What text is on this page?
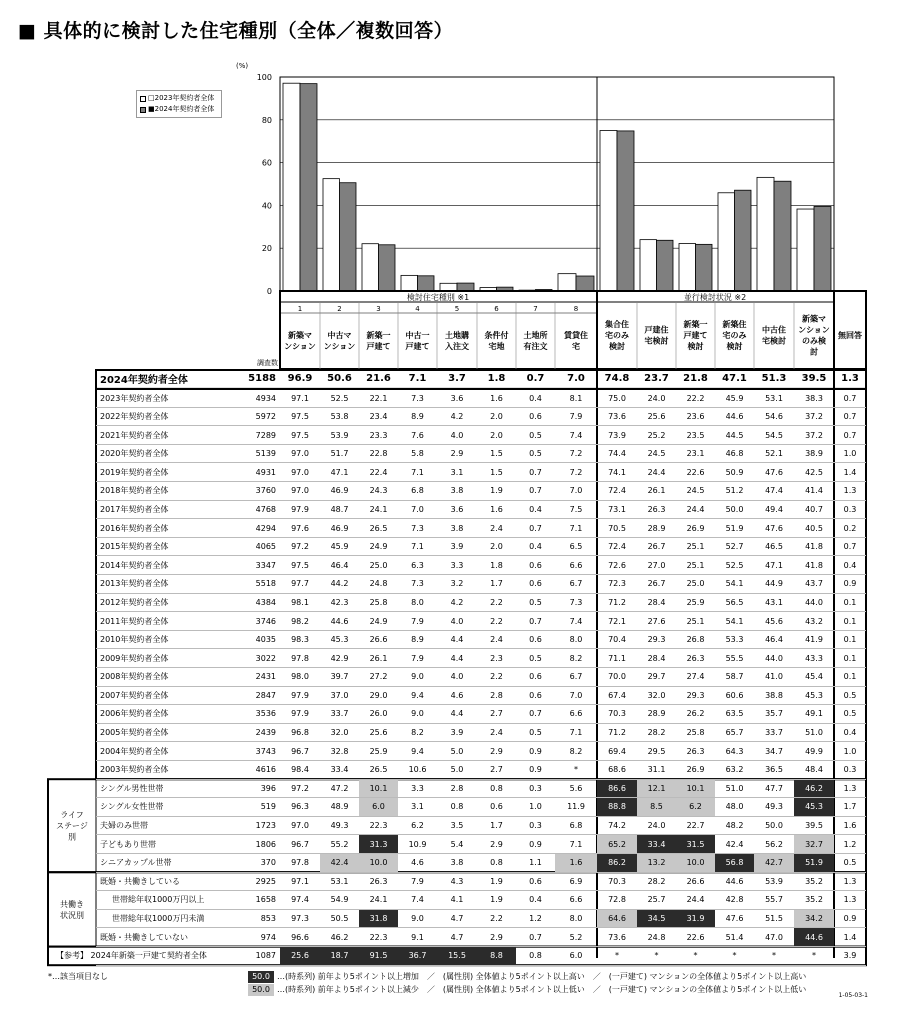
■ 具体的に検討した住宅種別（全体／複数回答）
0
20
40
60
80
100
(%)
□2023年契約者全体
■2024年契約者全体
検討住宅種別 ※1	並行検討状況 ※2
1	2	3	4	5	6	7	8
新築マンション
中古マンション
新築一戸建て
中古一戸建て
土地購入注文
条件付宅地
土地所有注文
賃貸住宅
集合住宅のみ検討
戸建住宅検討
新築一戸建て検討
新築住宅のみ検討
中古住宅検討
新築マンションのみ検討
無回答
調査数
ライフステージ別
共働き状況別
2024年契約者全体	5188	96.9	50.6	21.6	7.1	3.7	1.8	0.7	7.0	74.8	23.7	21.8	47.1	51.3	39.5	1.3
2023年契約者全体	4934	97.1	52.5	22.1	7.3	3.6	1.6	0.4	8.1	75.0	24.0	22.2	45.9	53.1	38.3	0.7
2022年契約者全体	5972	97.5	53.8	23.4	8.9	4.2	2.0	0.6	7.9	73.6	25.6	23.6	44.6	54.6	37.2	0.7
2021年契約者全体	7289	97.5	53.9	23.3	7.6	4.0	2.0	0.5	7.4	73.9	25.2	23.5	44.5	54.5	37.2	0.7
2020年契約者全体	5139	97.0	51.7	22.8	5.8	2.9	1.5	0.5	7.2	74.4	24.5	23.1	46.8	52.1	38.9	1.0
2019年契約者全体	4931	97.0	47.1	22.4	7.1	3.1	1.5	0.7	7.2	74.1	24.4	22.6	50.9	47.6	42.5	1.4
2018年契約者全体	3760	97.0	46.9	24.3	6.8	3.8	1.9	0.7	7.0	72.4	26.1	24.5	51.2	47.4	41.4	1.3
2017年契約者全体	4768	97.9	48.7	24.1	7.0	3.6	1.6	0.4	7.5	73.1	26.3	24.4	50.0	49.4	40.7	0.3
2016年契約者全体	4294	97.6	46.9	26.5	7.3	3.8	2.4	0.7	7.1	70.5	28.9	26.9	51.9	47.6	40.5	0.2
2015年契約者全体	4065	97.2	45.9	24.9	7.1	3.9	2.0	0.4	6.5	72.4	26.7	25.1	52.7	46.5	41.8	0.7
2014年契約者全体	3347	97.5	46.4	25.0	6.3	3.3	1.8	0.6	6.6	72.6	27.0	25.1	52.5	47.1	41.8	0.4
2013年契約者全体	5518	97.7	44.2	24.8	7.3	3.2	1.7	0.6	6.7	72.3	26.7	25.0	54.1	44.9	43.7	0.9
2012年契約者全体	4384	98.1	42.3	25.8	8.0	4.2	2.2	0.5	7.3	71.2	28.4	25.9	56.5	43.1	44.0	0.1
2011年契約者全体	3746	98.2	44.6	24.9	7.9	4.0	2.2	0.7	7.4	72.1	27.6	25.1	54.1	45.6	43.2	0.1
2010年契約者全体	4035	98.3	45.3	26.6	8.9	4.4	2.4	0.6	8.0	70.4	29.3	26.8	53.3	46.4	41.9	0.1
2009年契約者全体	3022	97.8	42.9	26.1	7.9	4.4	2.3	0.5	8.2	71.1	28.4	26.3	55.5	44.0	43.3	0.1
2008年契約者全体	2431	98.0	39.7	27.2	9.0	4.0	2.2	0.6	6.7	70.0	29.7	27.4	58.7	41.0	45.4	0.1
2007年契約者全体	2847	97.9	37.0	29.0	9.4	4.6	2.8	0.6	7.0	67.4	32.0	29.3	60.6	38.8	45.3	0.5
2006年契約者全体	3536	97.9	33.7	26.0	9.0	4.4	2.7	0.7	6.6	70.3	28.9	26.2	63.5	35.7	49.1	0.5
2005年契約者全体	2439	96.8	32.0	25.6	8.2	3.9	2.4	0.5	7.1	71.2	28.2	25.8	65.7	33.7	51.0	0.4
2004年契約者全体	3743	96.7	32.8	25.9	9.4	5.0	2.9	0.9	8.2	69.4	29.5	26.3	64.3	34.7	49.9	1.0
2003年契約者全体	4616	98.4	33.4	26.5	10.6	5.0	2.7	0.9	*	68.6	31.1	26.9	63.2	36.5	48.4	0.3
シングル男性世帯	396	97.2	47.2	10.1	3.3	2.8	0.8	0.3	5.6	86.6	12.1	10.1	51.0	47.7	46.2	1.3
シングル女性世帯	519	96.3	48.9	6.0	3.1	0.8	0.6	1.0	11.9	88.8	8.5	6.2	48.0	49.3	45.3	1.7
夫婦のみ世帯	1723	97.0	49.3	22.3	6.2	3.5	1.7	0.3	6.8	74.2	24.0	22.7	48.2	50.0	39.5	1.6
子どもあり世帯	1806	96.7	55.2	31.3	10.9	5.4	2.9	0.9	7.1	65.2	33.4	31.5	42.4	56.2	32.7	1.2
シニアカップル世帯	370	97.8	42.4	10.0	4.6	3.8	0.8	1.1	1.6	86.2	13.2	10.0	56.8	42.7	51.9	0.5
既婚・共働きしている	2925	97.1	53.1	26.3	7.9	4.3	1.9	0.6	6.9	70.3	28.2	26.6	44.6	53.9	35.2	1.3
世帯総年収1000万円以上	1658	97.4	54.9	24.1	7.4	4.1	1.9	0.4	6.6	72.8	25.7	24.4	42.8	55.7	35.2	1.3
世帯総年収1000万円未満	853	97.3	50.5	31.8	9.0	4.7	2.2	1.2	8.0	64.6	34.5	31.9	47.6	51.5	34.2	0.9
既婚・共働きしていない	974	96.6	46.2	22.3	9.1	4.7	2.9	0.7	5.2	73.6	24.8	22.6	51.4	47.0	44.6	1.4
【参考】 2024年新築一戸建て契約者全体	1087	25.6	18.7	91.5	36.7	15.5	8.8	0.8	6.0	*	*	*	*	*	*	3.9
*…該当項目なし	50.0 …(時系列) 前年より5ポイント以上増加　／　(属性別) 全体値より5ポイント以上高い　／　(一戸建て) マンションの全体値より5ポイント以上高い
50.0 …(時系列) 前年より5ポイント以上減少　／　(属性別) 全体値より5ポイント以上低い　／　(一戸建て) マンションの全体値より5ポイント以上低い
1-05-03-1
